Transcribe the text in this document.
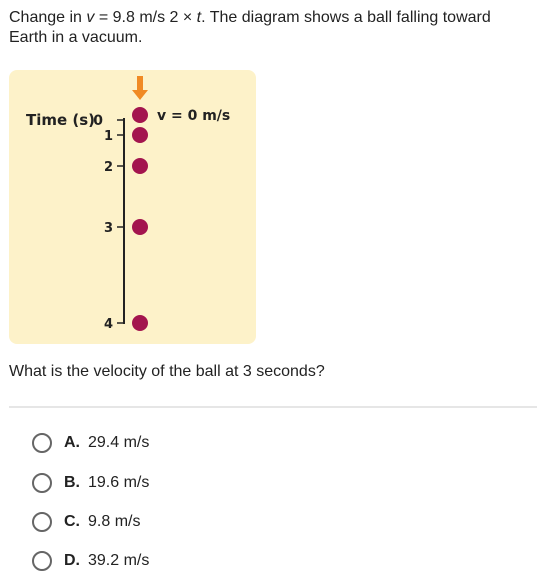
Change in v = 9.8 m/s 2 × t. The diagram shows a ball falling toward Earth in a vacuum.
0
1
2
3
4
Time (s)	v = 0 m/s
What is the velocity of the ball at 3 seconds?
A. 29.4 m/s
B. 19.6 m/s
C. 9.8 m/s
D. 39.2 m/s
